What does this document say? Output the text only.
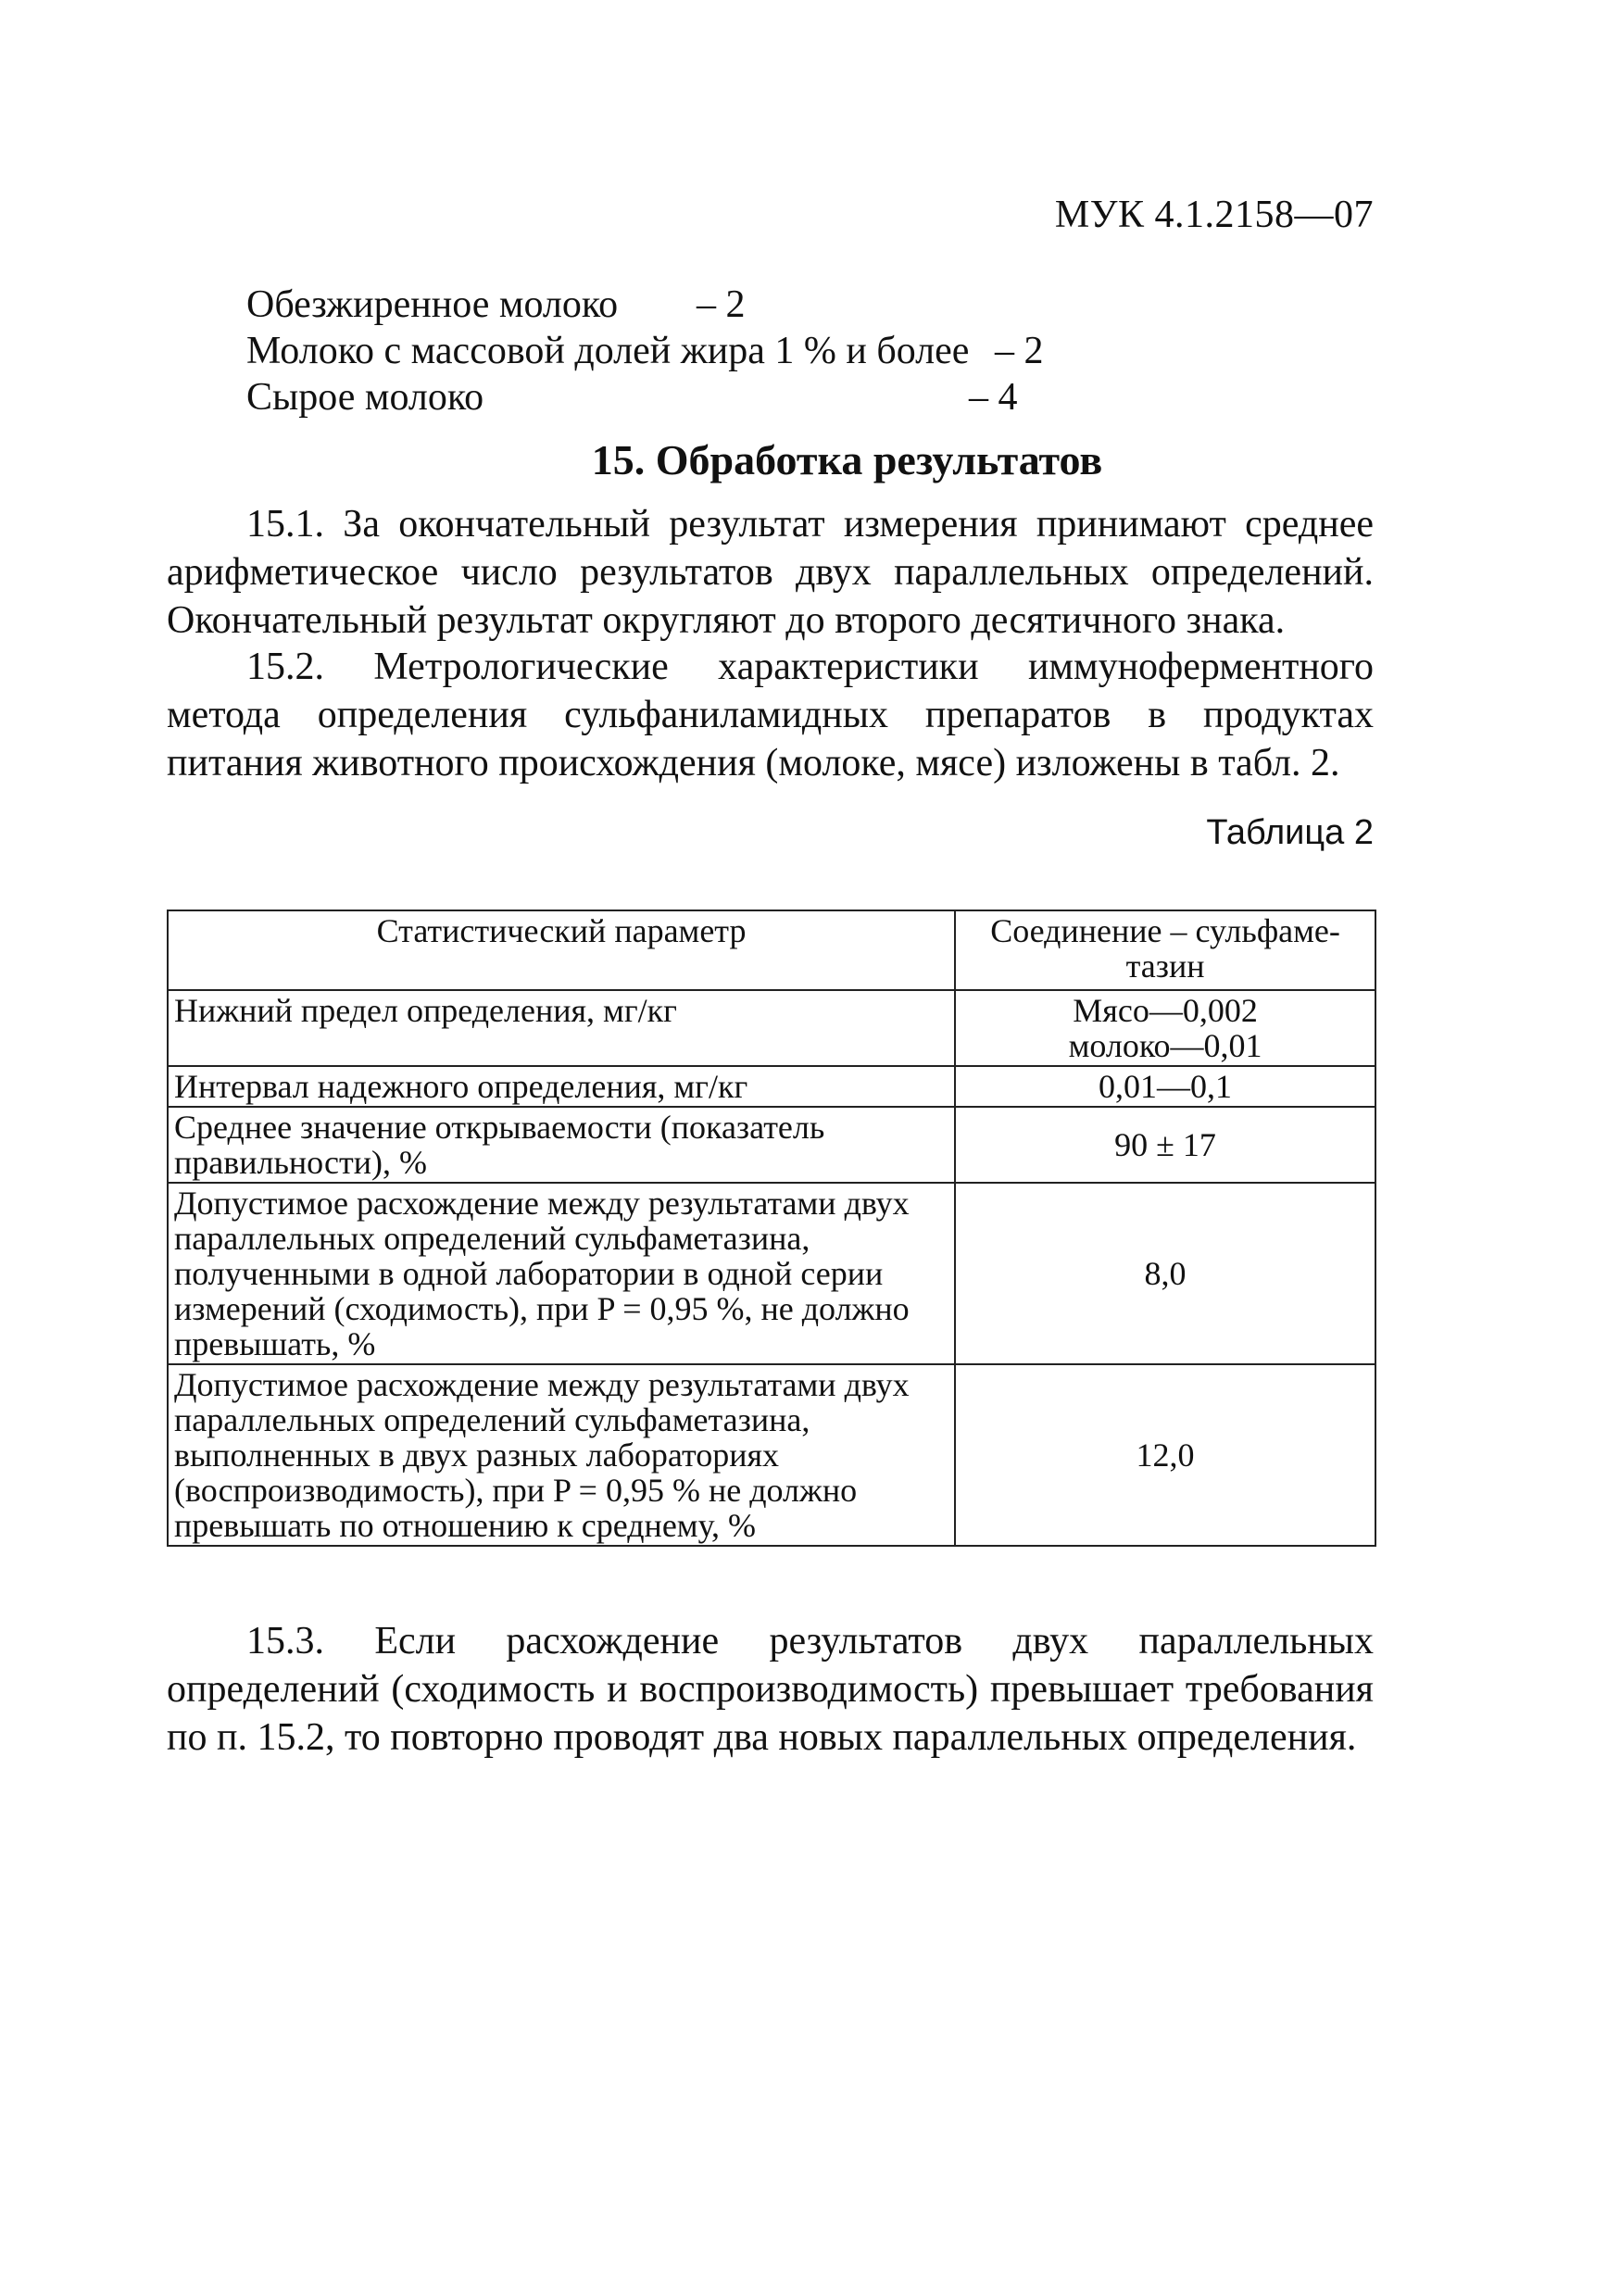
МУК 4.1.2158—07
Обезжиренное молоко – 2
Молоко с массовой долей жира 1 % и более – 2
Сырое молоко	– 4
15. Обработка результатов

15.1. За окончательный результат измерения принимают среднее арифметическое число результатов двух параллельных определений. Окончательный результат округляют до второго десятичного знака.

15.2. Метрологические характеристики иммуноферментного метода определения сульфаниламидных препаратов в продуктах питания животного происхождения (молоке, мясе) изложены в табл. 2.

Таблица 2
Статистический параметр	Соединение – сульфаме-тазин
Нижний предел определения, мг/кг	Мясо—0,002
молоко—0,01

Интервал надежного определения, мг/кг	0,01—0,1

Среднее значение открываемости (показатель правильности), %	90 ± 17

Допустимое расхождение между результатами двух параллельных определений сульфаметазина, полученными в одной лаборатории в одной серии измерений (сходимость), при P = 0,95 %, не должно превышать, %	8,0

Допустимое расхождение между результатами двух параллельных определений сульфаметазина, выполненных в двух разных лабораториях (воспроизводимость), при P = 0,95 % не должно превышать по отношению к среднему, %	12,0

15.3. Если расхождение результатов двух параллельных определений (сходимость и воспроизводимость) превышает требования по п. 15.2, то повторно проводят два новых параллельных определения.
